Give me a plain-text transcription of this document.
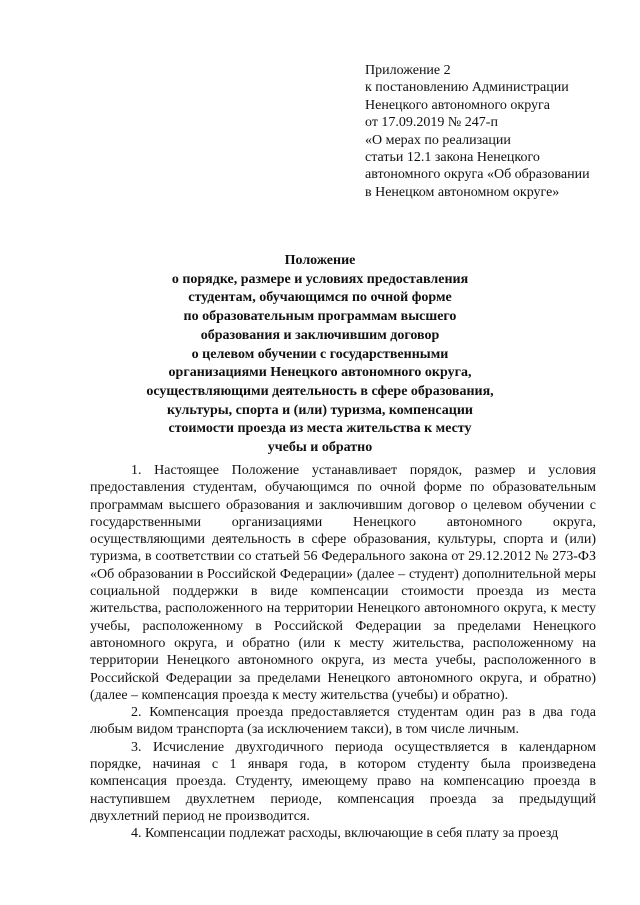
Приложение 2
к постановлению Администрации
Ненецкого автономного округа
от 17.09.2019 № 247-п
«О мерах по реализации
статьи 12.1 закона Ненецкого
автономного округа «Об образовании
в Ненецком автономном округе»
Положение
о порядке, размере и условиях предоставления
студентам, обучающимся по очной форме
по образовательным программам высшего
образования и заключившим договор
о целевом обучении с государственными
организациями Ненецкого автономного округа,
осуществляющими деятельность в сфере образования,
культуры, спорта и (или) туризма, компенсации
стоимости проезда из места жительства к месту
учебы и обратно

1. Настоящее Положение устанавливает порядок, размер и условия предоставления студентам, обучающимся по очной форме по образовательным программам высшего образования и заключившим договор о целевом обучении с государственными организациями Ненецкого автономного округа, осуществляющими деятельность в сфере образования, культуры, спорта и (или) туризма, в соответствии со статьей 56 Федерального закона от 29.12.2012 № 273-ФЗ «Об образовании в Российской Федерации» (далее – студент) дополнительной меры социальной поддержки в виде компенсации стоимости проезда из места жительства, расположенного на территории Ненецкого автономного округа, к месту учебы, расположенному в Российской Федерации за пределами Ненецкого автономного округа, и обратно (или к месту жительства, расположенному на территории Ненецкого автономного округа, из места учебы, расположенного в Российской Федерации за пределами Ненецкого автономного округа, и обратно) (далее – компенсация проезда к месту жительства (учебы) и обратно).

2. Компенсация проезда предоставляется студентам один раз в два года любым видом транспорта (за исключением такси), в том числе личным.

3. Исчисление двухгодичного периода осуществляется в календарном порядке, начиная с 1 января года, в котором студенту была произведена компенсация проезда. Студенту, имеющему право на компенсацию проезда в наступившем двухлетнем периоде, компенсация проезда за предыдущий двухлетний период не производится.

4. Компенсации подлежат расходы, включающие в себя плату за проезд
